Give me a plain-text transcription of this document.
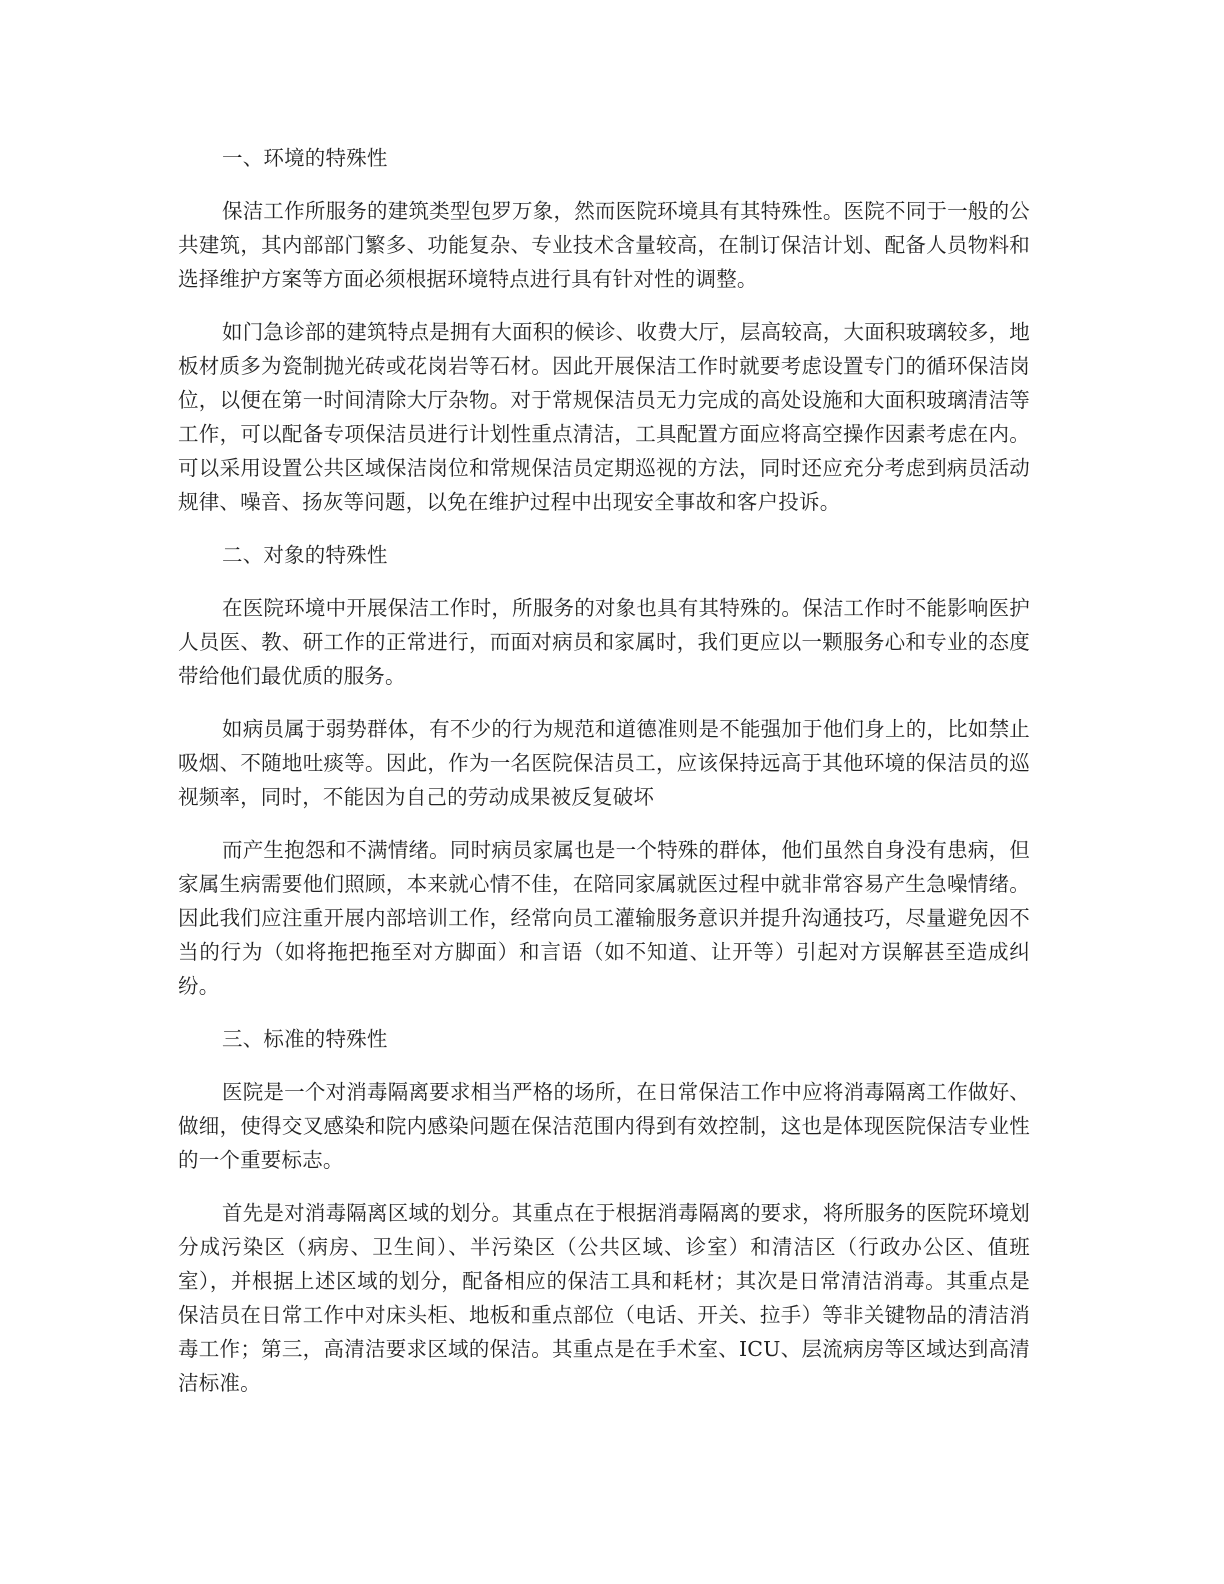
一、环境的特殊性

保洁工作所服务的建筑类型包罗万象，然而医院环境具有其特殊性。医院不同于一般的公共建筑，其内部部门繁多、功能复杂、专业技术含量较高，在制订保洁计划、配备人员物料和选择维护方案等方面必须根据环境特点进行具有针对性的调整。

如门急诊部的建筑特点是拥有大面积的候诊、收费大厅，层高较高，大面积玻璃较多，地板材质多为瓷制抛光砖或花岗岩等石材。因此开展保洁工作时就要考虑设置专门的循环保洁岗位，以便在第一时间清除大厅杂物。对于常规保洁员无力完成的高处设施和大面积玻璃清洁等工作，可以配备专项保洁员进行计划性重点清洁，工具配置方面应将高空操作因素考虑在内。可以采用设置公共区域保洁岗位和常规保洁员定期巡视的方法，同时还应充分考虑到病员活动规律、噪音、扬灰等问题，以免在维护过程中出现安全事故和客户投诉。

二、对象的特殊性

在医院环境中开展保洁工作时，所服务的对象也具有其特殊的。保洁工作时不能影响医护人员医、教、研工作的正常进行，而面对病员和家属时，我们更应以一颗服务心和专业的态度带给他们最优质的服务。

如病员属于弱势群体，有不少的行为规范和道德准则是不能强加于他们身上的，比如禁止吸烟、不随地吐痰等。因此，作为一名医院保洁员工，应该保持远高于其他环境的保洁员的巡视频率，同时，不能因为自己的劳动成果被反复破坏

而产生抱怨和不满情绪。同时病员家属也是一个特殊的群体，他们虽然自身没有患病，但家属生病需要他们照顾，本来就心情不佳，在陪同家属就医过程中就非常容易产生急噪情绪。因此我们应注重开展内部培训工作，经常向员工灌输服务意识并提升沟通技巧，尽量避免因不当的行为（如将拖把拖至对方脚面）和言语（如不知道、让开等）引起对方误解甚至造成纠纷。

三、标准的特殊性

医院是一个对消毒隔离要求相当严格的场所，在日常保洁工作中应将消毒隔离工作做好、做细，使得交叉感染和院内感染问题在保洁范围内得到有效控制，这也是体现医院保洁专业性的一个重要标志。

首先是对消毒隔离区域的划分。其重点在于根据消毒隔离的要求，将所服务的医院环境划分成污染区（病房、卫生间）、半污染区（公共区域、诊室）和清洁区（行政办公区、值班室），并根据上述区域的划分，配备相应的保洁工具和耗材；其次是日常清洁消毒。其重点是保洁员在日常工作中对床头柜、地板和重点部位（电话、开关、拉手）等非关键物品的清洁消毒工作；第三，高清洁要求区域的保洁。其重点是在手术室、ICU、层流病房等区域达到高清洁标准。
